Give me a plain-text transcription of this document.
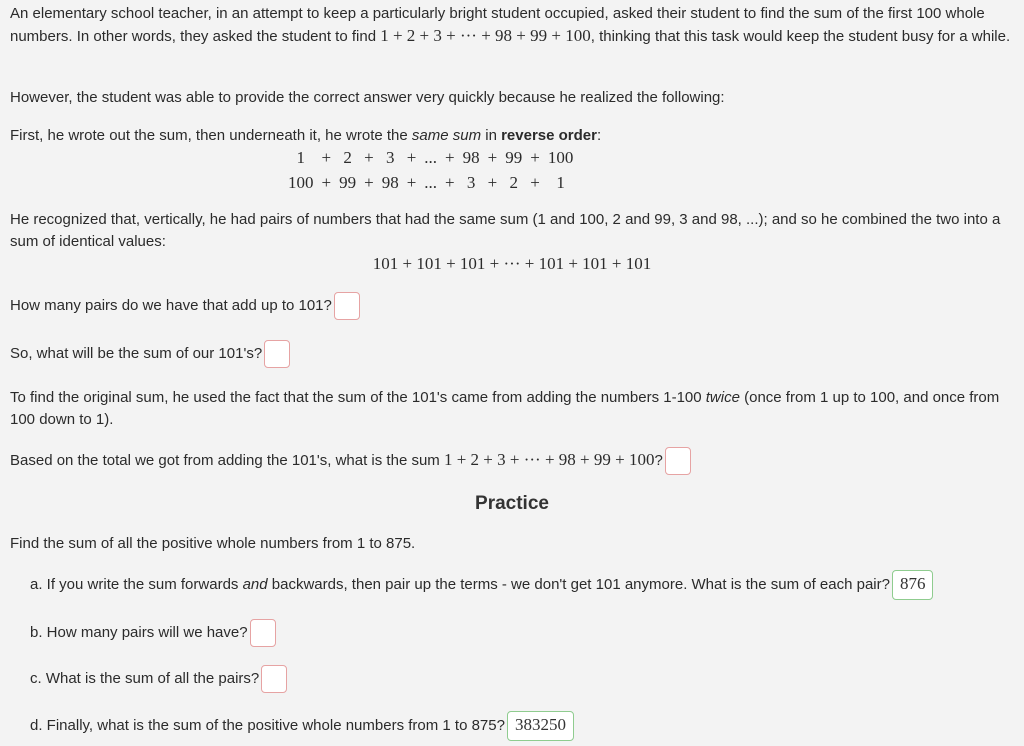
An elementary school teacher, in an attempt to keep a particularly bright student occupied, asked their student to find the sum of the first 100 whole numbers. In other words, they asked the student to find 1 + 2 + 3 + ··· + 98 + 99 + 100, thinking that this task would keep the student busy for a while.
However, the student was able to provide the correct answer very quickly because he realized the following:
First, he wrote out the sum, then underneath it, he wrote the same sum in reverse order:
1	+	2	+	3	+	...	+	98	+	99	+	100
100	+	99	+	98	+	...	+	3	+	2	+	1
He recognized that, vertically, he had pairs of numbers that had the same sum (1 and 100, 2 and 99, 3 and 98, ...); and so he combined the two into a sum of identical values:
101 + 101 + 101 + ··· + 101 + 101 + 101
How many pairs do we have that add up to 101?
So, what will be the sum of our 101's?
To find the original sum, he used the fact that the sum of the 101's came from adding the numbers 1-100 twice (once from 1 up to 100, and once from 100 down to 1).
Based on the total we got from adding the 101's, what is the sum 1 + 2 + 3 + ··· + 98 + 99 + 100?
Practice
Find the sum of all the positive whole numbers from 1 to 875.
a. If you write the sum forwards and backwards, then pair up the terms - we don't get 101 anymore. What is the sum of each pair? 876
b. How many pairs will we have?
c. What is the sum of all the pairs?
d. Finally, what is the sum of the positive whole numbers from 1 to 875? 383250
